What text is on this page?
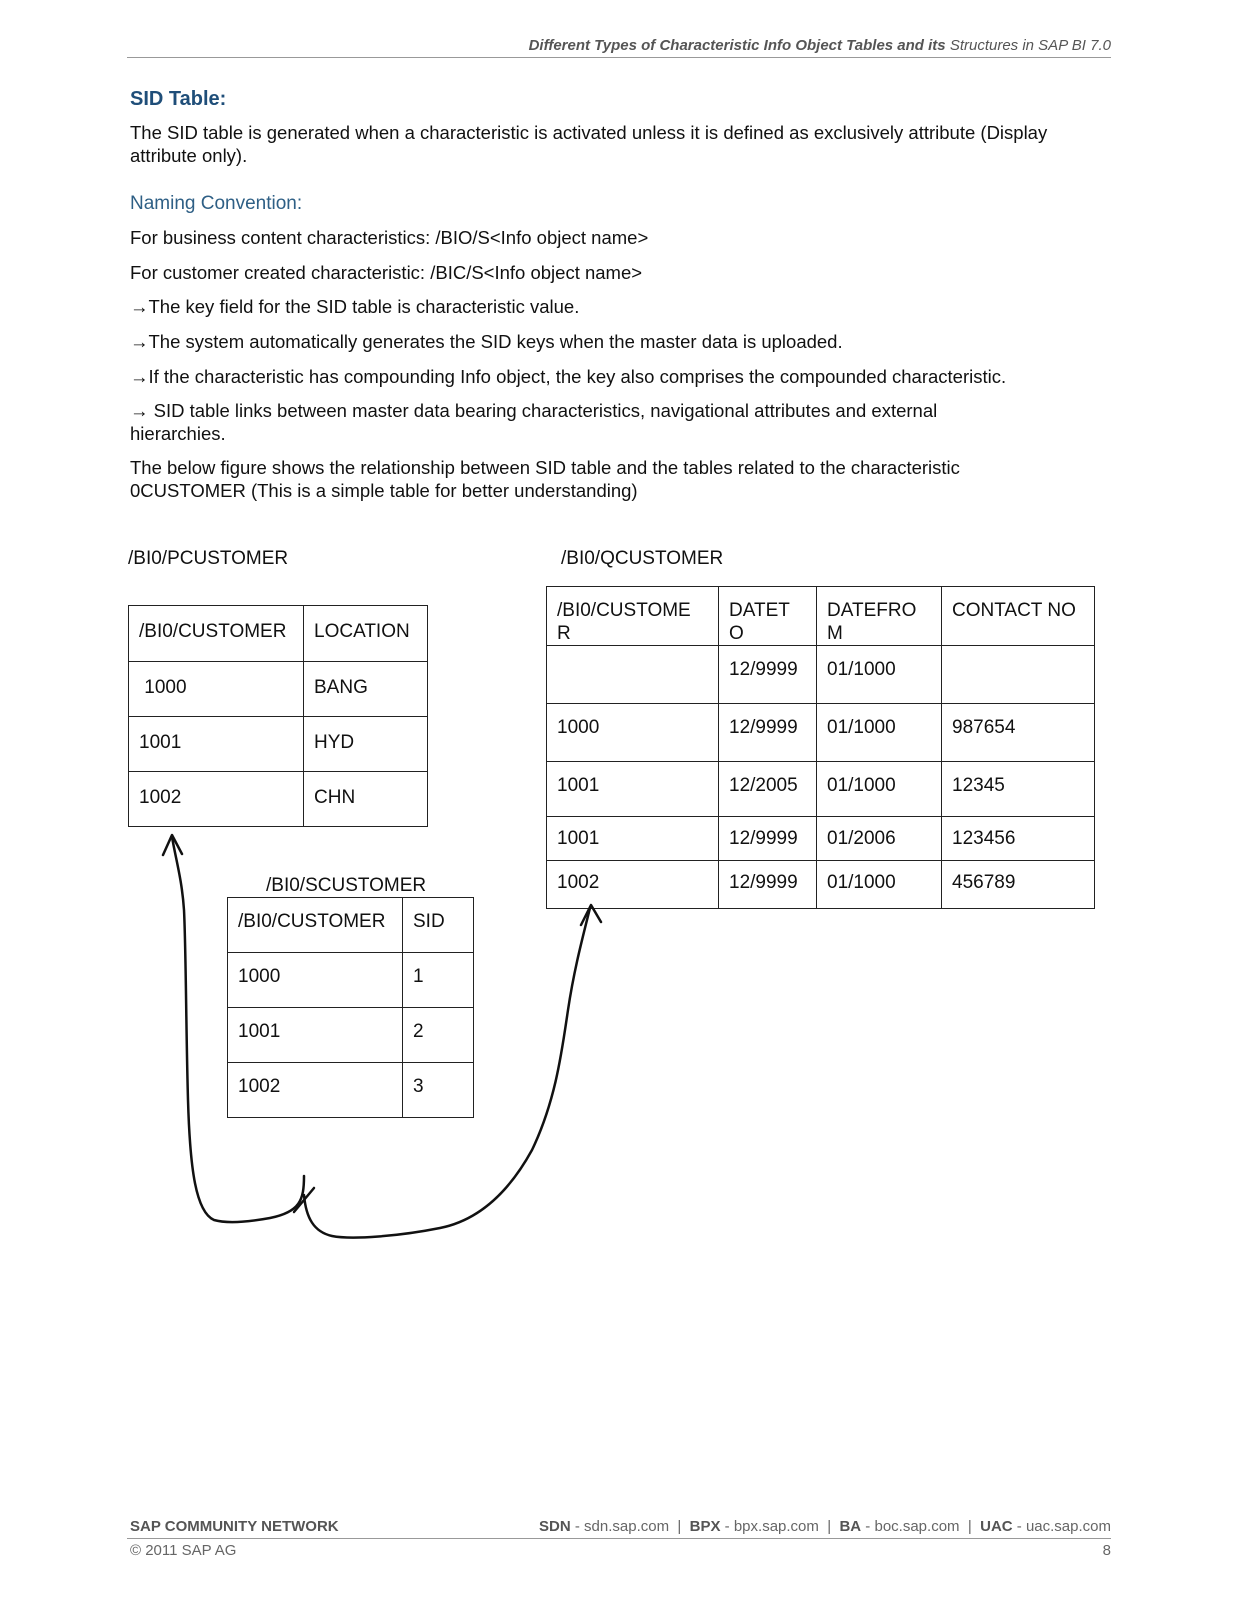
Different Types of Characteristic Info Object Tables and its Structures in SAP BI 7.0
SID Table:
The SID table is generated when a characteristic is activated unless it is defined as exclusively attribute (Display attribute only).
Naming Convention:
For business content characteristics: /BIO/S<Info object name>
For customer created characteristic: /BIC/S<Info object name>
→The key field for the SID table is characteristic value.
→The system automatically generates the SID keys when the master data is uploaded.
→If the characteristic has compounding Info object, the key also comprises the compounded characteristic.
→ SID table links between master data bearing characteristics, navigational attributes and external hierarchies.
The below figure shows the relationship between SID table and the tables related to the characteristic 0CUSTOMER (This is a simple table for better understanding)
/BI0/PCUSTOMER	/BI0/QCUSTOMER
/BI0/SCUSTOMER
/BI0/CUSTOMER	LOCATION
1000	BANG
1001	HYD
1002	CHN
/BI0/CUSTOME R	DATET O	DATEFRO M	CONTACT NO
	12/9999	01/1000	
1000	12/9999	01/1000	987654
1001	12/2005	01/1000	12345
1001	12/9999	01/2006	123456
1002	12/9999	01/1000	456789
/BI0/CUSTOMER	SID
1000	1
1001	2
1002	3
SAP COMMUNITY NETWORK	SDN - sdn.sap.com  |  BPX - bpx.sap.com  |  BA - boc.sap.com  |  UAC - uac.sap.com
© 2011 SAP AG	8
